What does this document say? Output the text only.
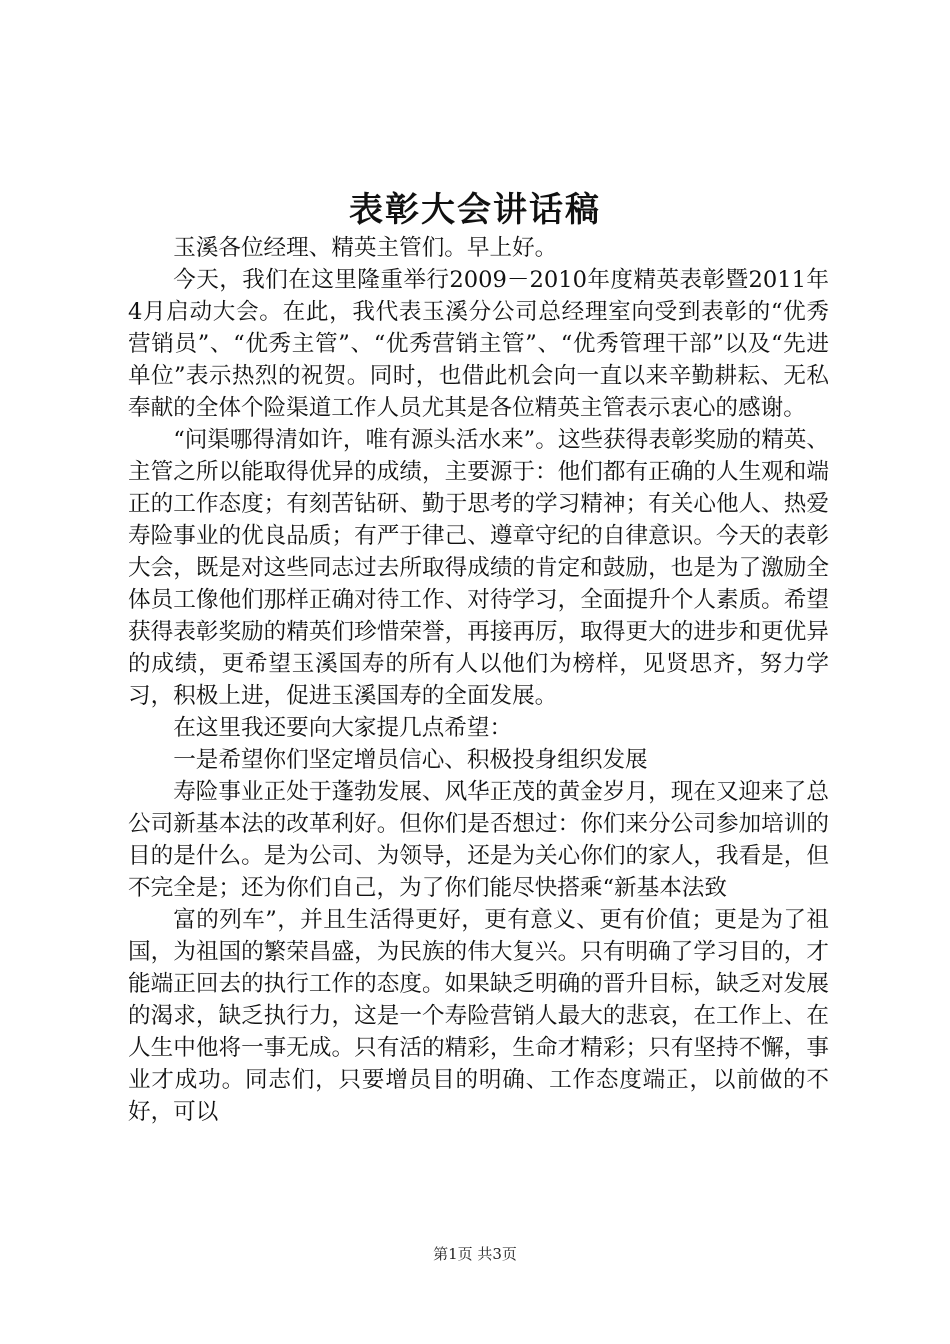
表彰大会讲话稿

玉溪各位经理、精英主管们。早上好。

今天，我们在这里隆重举行2009－2010年度精英表彰暨2011年4月启动大会。在此，我代表玉溪分公司总经理室向受到表彰的“优秀营销员”、“优秀主管”、“优秀营销主管”、“优秀管理干部”以及“先进单位”表示热烈的祝贺。同时，也借此机会向一直以来辛勤耕耘、无私奉献的全体个险渠道工作人员尤其是各位精英主管表示衷心的感谢。

“问渠哪得清如许，唯有源头活水来”。这些获得表彰奖励的精英、主管之所以能取得优异的成绩，主要源于：他们都有正确的人生观和端正的工作态度；有刻苦钻研、勤于思考的学习精神；有关心他人、热爱寿险事业的优良品质；有严于律己、遵章守纪的自律意识。今天的表彰大会，既是对这些同志过去所取得成绩的肯定和鼓励，也是为了激励全体员工像他们那样正确对待工作、对待学习，全面提升个人素质。希望获得表彰奖励的精英们珍惜荣誉，再接再厉，取得更大的进步和更优异的成绩，更希望玉溪国寿的所有人以他们为榜样，见贤思齐，努力学习，积极上进，促进玉溪国寿的全面发展。

在这里我还要向大家提几点希望：

一是希望你们坚定增员信心、积极投身组织发展

寿险事业正处于蓬勃发展、风华正茂的黄金岁月，现在又迎来了总公司新基本法的改革利好。但你们是否想过：你们来分公司参加培训的目的是什么。是为公司、为领导，还是为关心你们的家人，我看是，但不完全是；还为你们自己，为了你们能尽快搭乘“新基本法致

富的列车”，并且生活得更好，更有意义、更有价值；更是为了祖国，为祖国的繁荣昌盛，为民族的伟大复兴。只有明确了学习目的，才能端正回去的执行工作的态度。如果缺乏明确的晋升目标，缺乏对发展的渴求，缺乏执行力，这是一个寿险营销人最大的悲哀，在工作上、在人生中他将一事无成。只有活的精彩，生命才精彩；只有坚持不懈，事业才成功。同志们，只要增员目的明确、工作态度端正，以前做的不好，可以

第1页 共3页
